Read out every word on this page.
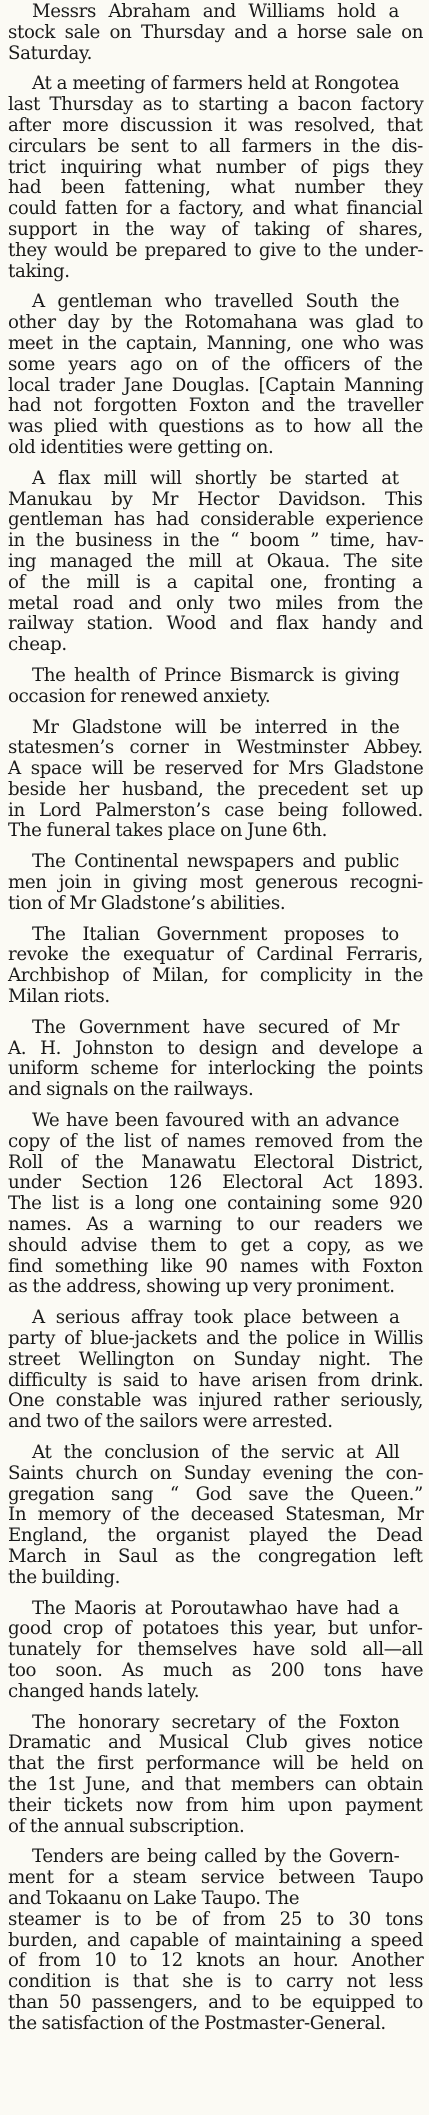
Messrs Abraham and Williams hold a
stock sale on Thursday and a horse sale on
Saturday.
At a meeting of farmers held at Rongotea
last Thursday as to starting a bacon factory
after more discussion it was resolved, that
circulars be sent to all farmers in the dis-
trict inquiring what number of pigs they
had been fattening, what number they
could fatten for a factory, and what financial
support in the way of taking of shares,
they would be prepared to give to the under-
taking.
A gentleman who travelled South the
other day by the Rotomahana was glad to
meet in the captain, Manning, one who was
some years ago on of the officers of the
local trader Jane Douglas. [Captain Manning
had not forgotten Foxton and the traveller
was plied with questions as to how all the
old identities were getting on.
A flax mill will shortly be started at
Manukau by Mr Hector Davidson. This
gentleman has had considerable experience
in the business in the “ boom ” time, hav-
ing managed the mill at Okaua. The site
of the mill is a capital one, fronting a
metal road and only two miles from the
railway station. Wood and flax handy and
cheap.
The health of Prince Bismarck is giving
occasion for renewed anxiety.
Mr Gladstone will be interred in the
statesmen’s corner in Westminster Abbey.
A space will be reserved for Mrs Gladstone
beside her husband, the precedent set up
in Lord Palmerston’s case being followed.
The funeral takes place on June 6th.
The Continental newspapers and public
men join in giving most generous recogni-
tion of Mr Gladstone’s abilities.
The Italian Government proposes to
revoke the exequatur of Cardinal Ferraris,
Archbishop of Milan, for complicity in the
Milan riots.
The Government have secured of Mr
A. H. Johnston to design and develope a
uniform scheme for interlocking the points
and signals on the railways.
We have been favoured with an advance
copy of the list of names removed from the
Roll of the Manawatu Electoral District,
under Section 126 Electoral Act 1893.
The list is a long one containing some 920
names. As a warning to our readers we
should advise them to get a copy, as we
find something like 90 names with Foxton
as the address, showing up very proniment.
A serious affray took place between a
party of blue-jackets and the police in Willis
street Wellington on Sunday night. The
difficulty is said to have arisen from drink.
One constable was injured rather seriously,
and two of the sailors were arrested.
At the conclusion of the servic at All
Saints church on Sunday evening the con-
gregation sang “ God save the Queen.”
In memory of the deceased Statesman, Mr
England, the organist played the Dead
March in Saul as the congregation left
the building.
The Maoris at Poroutawhao have had a
good crop of potatoes this year, but unfor-
tunately for themselves have sold all—all
too soon. As much as 200 tons have
changed hands lately.
The honorary secretary of the Foxton
Dramatic and Musical Club gives notice
that the first performance will be held on
the 1st June, and that members can obtain
their tickets now from him upon payment
of the annual subscription.
Tenders are being called by the Govern-
ment for a steam service between Taupo
and Tokaanu on Lake Taupo. The
steamer is to be of from 25 to 30 tons
burden, and capable of maintaining a speed
of from 10 to 12 knots an hour. Another
condition is that she is to carry not less
than 50 passengers, and to be equipped to
the satisfaction of the Postmaster-General.
